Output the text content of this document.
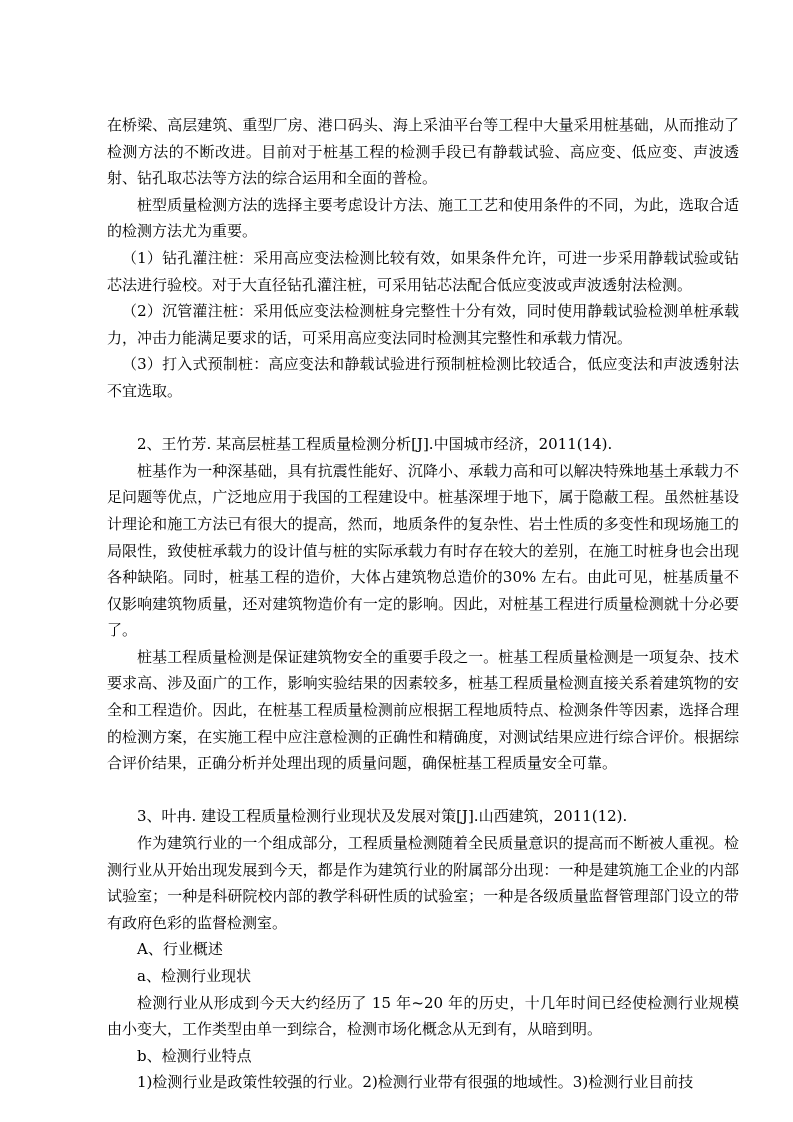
在桥梁、高层建筑、重型厂房、港口码头、海上采油平台等工程中大量采用桩基础，从而推动了检测方法的不断改进。目前对于桩基工程的检测手段已有静载试验、高应变、低应变、声波透射、钻孔取芯法等方法的综合运用和全面的普检。

桩型质量检测方法的选择主要考虑设计方法、施工工艺和使用条件的不同，为此，选取合适的检测方法尤为重要。

（1）钻孔灌注桩：采用高应变法检测比较有效，如果条件允许，可进一步采用静载试验或钻芯法进行验校。对于大直径钻孔灌注桩，可采用钻芯法配合低应变波或声波透射法检测。

（2）沉管灌注桩：采用低应变法检测桩身完整性十分有效，同时使用静载试验检测单桩承载力，冲击力能满足要求的话，可采用高应变法同时检测其完整性和承载力情况。

（3）打入式预制桩：高应变法和静载试验进行预制桩检测比较适合，低应变法和声波透射法不宜选取。

2、王竹芳. 某高层桩基工程质量检测分析[J].中国城市经济，2011(14).

桩基作为一种深基础，具有抗震性能好、沉降小、承载力高和可以解决特殊地基土承载力不足问题等优点，广泛地应用于我国的工程建设中。桩基深埋于地下，属于隐蔽工程。虽然桩基设计理论和施工方法已有很大的提高，然而，地质条件的复杂性、岩土性质的多变性和现场施工的局限性，致使桩承载力的设计值与桩的实际承载力有时存在较大的差别，在施工时桩身也会出现各种缺陷。同时，桩基工程的造价，大体占建筑物总造价的30% 左右。由此可见，桩基质量不仅影响建筑物质量，还对建筑物造价有一定的影响。因此，对桩基工程进行质量检测就十分必要了。

桩基工程质量检测是保证建筑物安全的重要手段之一。桩基工程质量检测是一项复杂、技术要求高、涉及面广的工作，影响实验结果的因素较多，桩基工程质量检测直接关系着建筑物的安全和工程造价。因此，在桩基工程质量检测前应根据工程地质特点、检测条件等因素，选择合理的检测方案，在实施工程中应注意检测的正确性和精确度，对测试结果应进行综合评价。根据综合评价结果，正确分析并处理出现的质量问题，确保桩基工程质量安全可靠。

3、叶冉. 建设工程质量检测行业现状及发展对策[J].山西建筑，2011(12).

作为建筑行业的一个组成部分，工程质量检测随着全民质量意识的提高而不断被人重视。检测行业从开始出现发展到今天，都是作为建筑行业的附属部分出现：一种是建筑施工企业的内部试验室；一种是科研院校内部的教学科研性质的试验室；一种是各级质量监督管理部门设立的带有政府色彩的监督检测室。

A、行业概述

a、检测行业现状

检测行业从形成到今天大约经历了 15 年~20 年的历史，十几年时间已经使检测行业规模由小变大，工作类型由单一到综合，检测市场化概念从无到有，从暗到明。

b、检测行业特点

1)检测行业是政策性较强的行业。2)检测行业带有很强的地域性。3)检测行业目前技
